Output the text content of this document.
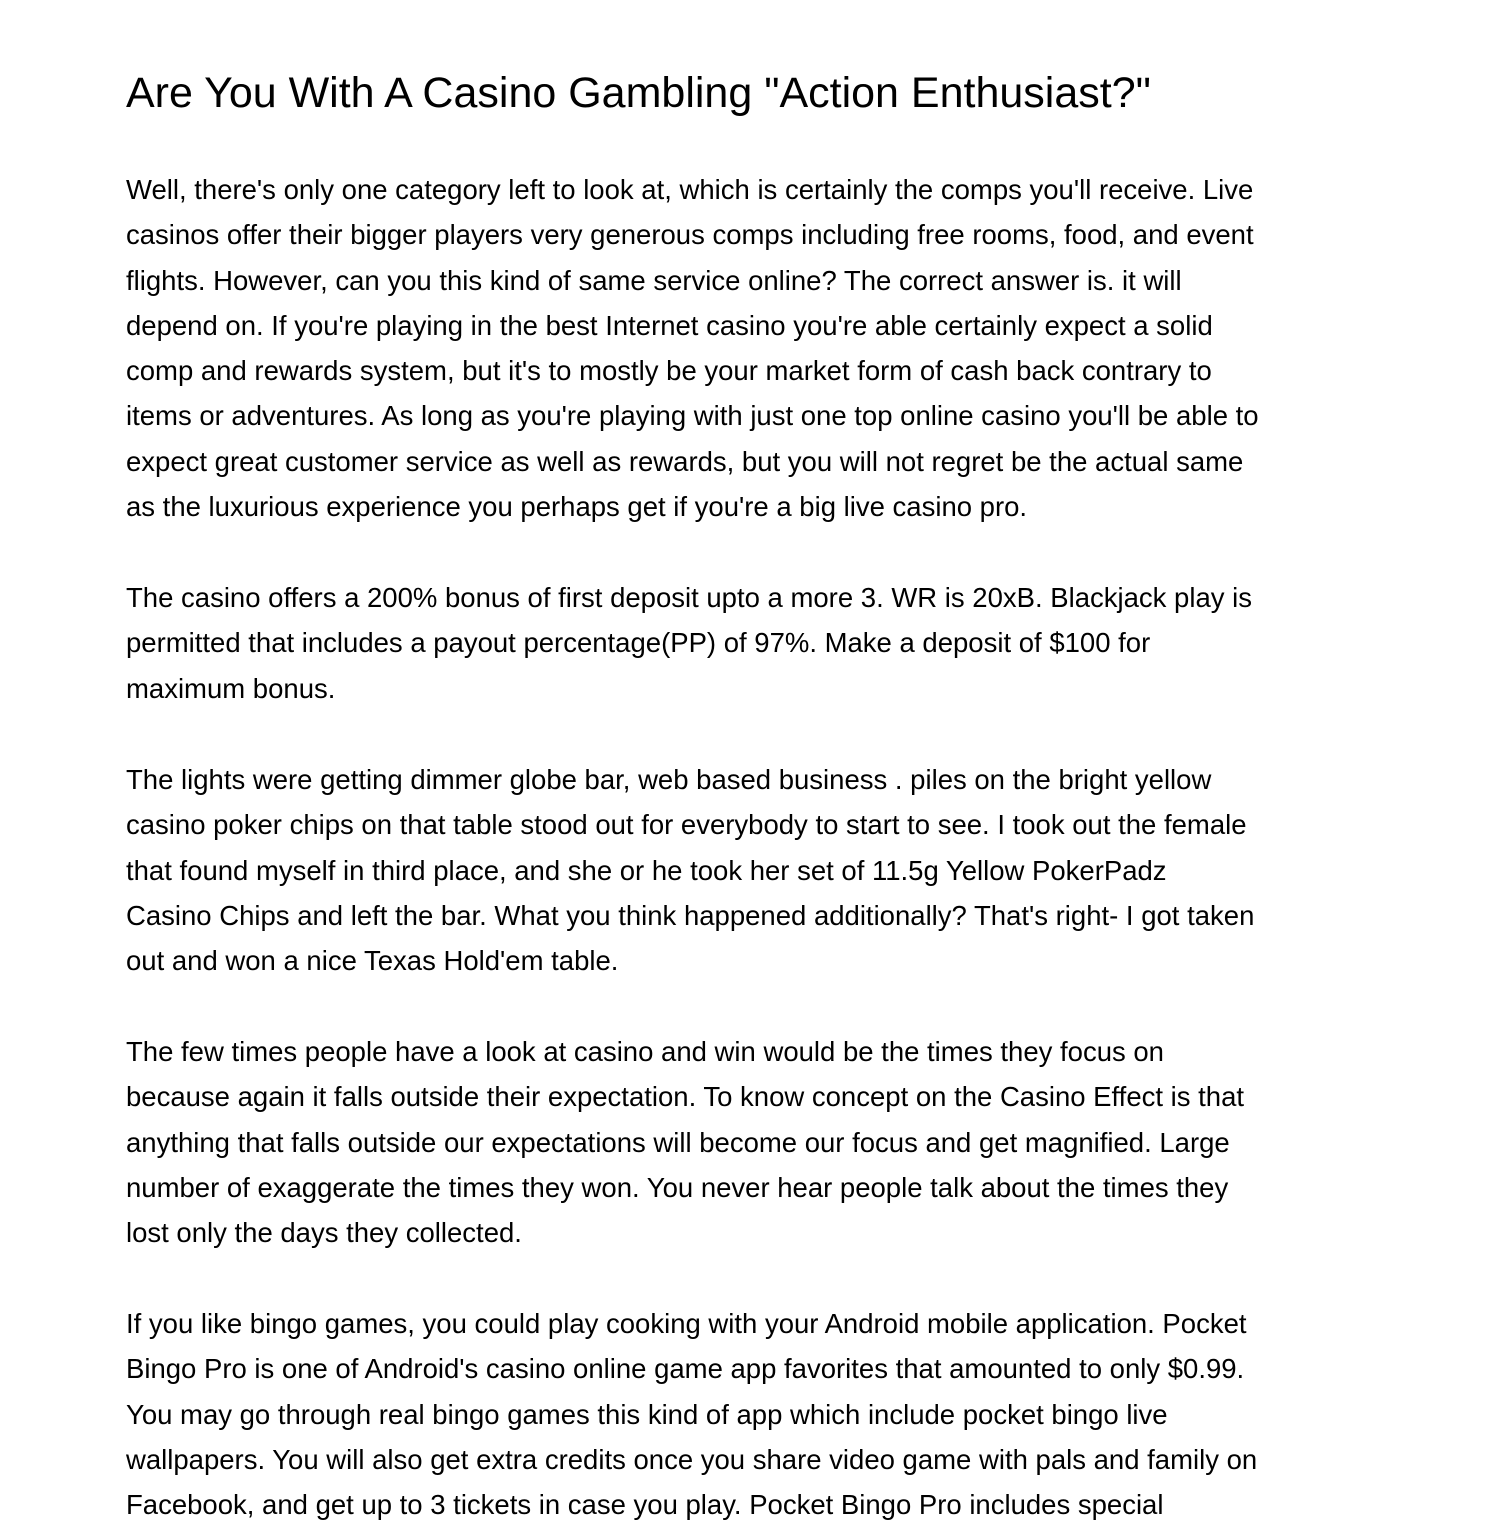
Are You With A Casino Gambling "Action Enthusiast?"

Well, there's only one category left to look at, which is certainly the comps you'll receive. Live
casinos offer their bigger players very generous comps including free rooms, food, and event
flights. However, can you this kind of same service online? The correct answer is. it will
depend on. If you're playing in the best Internet casino you're able certainly expect a solid
comp and rewards system, but it's to mostly be your market form of cash back contrary to
items or adventures. As long as you're playing with just one top online casino you'll be able to
expect great customer service as well as rewards, but you will not regret be the actual same
as the luxurious experience you perhaps get if you're a big live casino pro.

The casino offers a 200% bonus of first deposit upto a more 3. WR is 20xB. Blackjack play is
permitted that includes a payout percentage(PP) of 97%. Make a deposit of $100 for
maximum bonus.

The lights were getting dimmer globe bar, web based business . piles on the bright yellow
casino poker chips on that table stood out for everybody to start to see. I took out the female
that found myself in third place, and she or he took her set of 11.5g Yellow PokerPadz
Casino Chips and left the bar. What you think happened additionally? That's right- I got taken
out and won a nice Texas Hold'em table.

The few times people have a look at casino and win would be the times they focus on
because again it falls outside their expectation. To know concept on the Casino Effect is that
anything that falls outside our expectations will become our focus and get magnified. Large
number of exaggerate the times they won. You never hear people talk about the times they
lost only the days they collected.

If you like bingo games, you could play cooking with your Android mobile application. Pocket
Bingo Pro is one of Android's casino online game app favorites that amounted to only $0.99.
You may go through real bingo games this kind of app which include pocket bingo live
wallpapers. You will also get extra credits once you share video game with pals and family on
Facebook, and get up to 3 tickets in case you play. Pocket Bingo Pro includes special
